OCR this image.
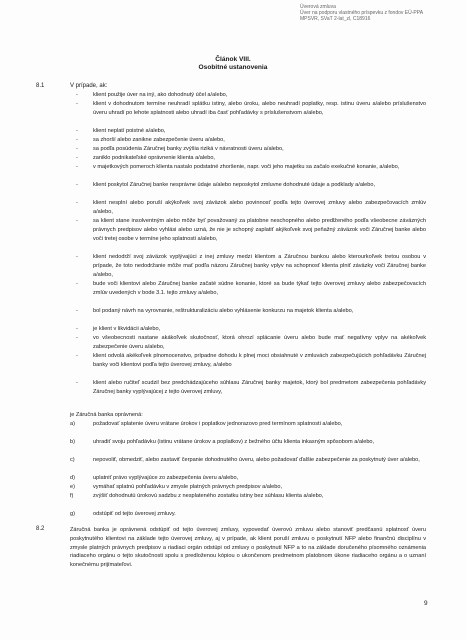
Úverová zmluva
Úver na podporu vlastného príspevku z fondov EÚ-PPA
MPSVR, SVaT 2-lat_zl, C18916
Článok VIII.
Osobitné ustanovenia
8.1	V prípade, ak:
-	klient použije úver na iný, ako dohodnutý účel a/alebo,
-	klient v dohodnutom termíne neuhradí splátku istiny, alebo úroku, alebo neuhradí poplatky, resp. istinu úveru a/alebo príslušenstvo úveru uhradí po lehote splatnosti alebo uhradí iba časť pohľadávky s príslušenstvom a/alebo,
-	klient neplatí poistné a/alebo,
-	sa zhorší alebo zanikne zabezpečenie úveru a/alebo,
-	sa podľa posúdenia Záručnej banky zvýšia riziká v návratnosti úveru a/alebo,
-	zaniklo podnikateľské oprávnenie klienta a/alebo,
-	v majetkových pomeroch klienta nastalo podstatné zhoršenie, napr. voči jeho majetku sa začalo exekučné konanie, a/alebo,
-	klient poskytol Záručnej banke nesprávne údaje a/alebo neposkytol zmluvne dohodnuté údaje a podklady a/alebo,
-	klient nesplní alebo poruší akýkoľvek svoj záväzok alebo povinnosť podľa tejto úverovej zmluvy alebo zabezpečovacích zmlúv a/alebo,
-	sa klient stane insolventným alebo môže byť považovaný za platobne neschopného alebo predlženého podľa všeobecne záväzných právnych predpisov alebo vyhlási alebo uzná, že nie je schopný zaplatiť akýkoľvek svoj peňažný záväzok voči Záručnej banke alebo voči tretej osobe v termíne jeho splatnosti a/alebo,
-	klient nedodrží svoj záväzok vyplývajúci z inej zmluvy medzi klientom a Záručnou bankou alebo kterourkoľvek tretou osobou v prípade, že toto nedodržanie môže mať podľa názoru Záručnej banky vplyv na schopnosť klienta plniť záväzky voči Záručnej banke a/alebo,
-	bude voči klientovi alebo Záručnej banke začaté súdne konanie, ktoré sa bude týkať tejto úverovej zmluvy alebo zabezpečovacích zmlúv uvedených v bode 3.1. tejto zmluvy a/alebo,
-	bol podaný návrh na vyrovnanie, reštrukturalizáciu alebo vyhlásenie konkurzu na majetok klienta a/alebo,
-	je klient v likvidácii a/alebo,
-	vo všeobecnosti nastane akákoľvek skutočnosť, ktorá ohrozí splácanie úveru alebo bude mať negatívny vplyv na akékoľvek zabezpečenie úveru a/alebo,
-	klient odvolá akékoľvek plnomocenstvo, prípadne dohodu k plnej moci obsiahnuté v zmluvách zabezpečujúcich pohľadávku Záručnej banky voči klientovi podľa tejto úverovej zmluvy, a/alebo
-	klient alebo ručiteľ scudzil bez predchádzajúceho súhlasu Záručnej banky majetok, ktorý bol predmetom zabezpečenia pohľadávky Záručnej banky vyplývajúcej z tejto úverovej zmluvy,
je Záručná banka oprávnená:
a)	požadovať splatenie úveru vrátane úrokov i poplatkov jednorazovo pred termínom splatnosti a/alebo,
b)	uhradiť svoju pohľadávku (istinu vrátane úrokov a poplatkov) z bežného účtu klienta inkasným spôsobom a/alebo,
c)	nepovoliť, obmedziť, alebo zastaviť čerpanie dohodnutého úveru, alebo požadovať ďalšie zabezpečenie za poskytnutý úver a/alebo,
d)	uplatniť právo vyplývajúce zo zabezpečenia úveru a/alebo,
e)	vymáhať splatnú pohľadávku v zmysle platných právnych predpisov a/alebo,
f)	zvýšiť dohodnutú úrokovú sadzbu z nesplateného zostatku istiny bez súhlasu klienta a/alebo,
g)	odstúpiť od tejto úverovej zmluvy.
8.2	Záručná banka je oprávnená odstúpiť od tejto úverovej zmluvy, vypovedať úverovú zmluvu alebo stanoviť predčasnú splatnosť úveru poskytnutého klientovi na základe tejto úverovej zmluvy, aj v prípade, ak klient poruší zmluvu o poskytnutí NFP alebo finančnú disciplínu v zmysle platných právnych predpisov a riadiaci orgán odstúpi od zmluvy o poskytnutí NFP a to na základe doručeného písomného oznámenia riadiaceho orgánu o tejto skutočnosti spolu s predloženou kópiou o ukončenom predmetnom platobnom úkone riadiaceho orgánu a o uznaní konečnému prijímateľovi.
9
